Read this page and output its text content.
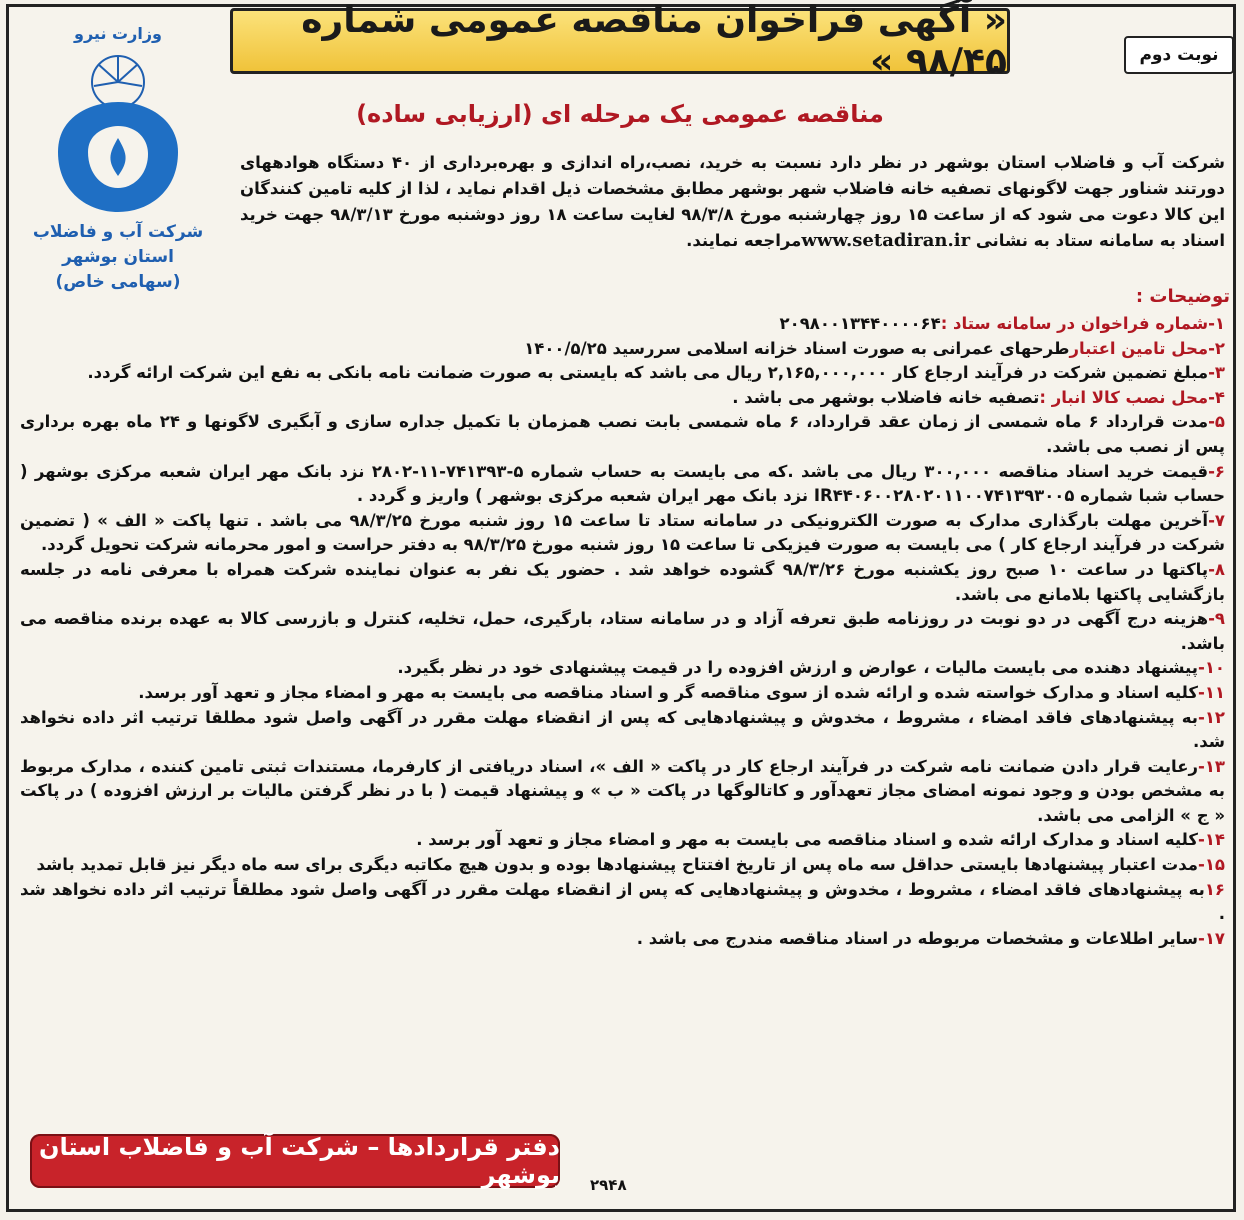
« آگهی فراخوان مناقصه عمومی شماره ۹۸/۴۵ »	نوبت دوم
وزارت نیرو
شرکت آب و فاضلاب
استان بوشهر
(سهامی خاص)
مناقصه عمومی یک مرحله ای (ارزیابی ساده)
شرکت آب و فاضلاب استان بوشهر در نظر دارد نسبت به خرید، نصب،راه اندازی و بهره‌برداری از ۴۰ دستگاه هوادههای دورتند شناور جهت لاگونهای تصفیه خانه فاضلاب شهر بوشهر مطابق مشخصات ذیل اقدام نماید ، لذا از کلیه تامین کنندگان این کالا دعوت می شود که از ساعت ۱۵ روز چهارشنبه مورخ ۹۸/۳/۸ لغایت ساعت ۱۸ روز دوشنبه مورخ ۹۸/۳/۱۳ جهت خرید اسناد به سامانه ستاد به نشانی www.setadiran.irمراجعه نمایند.
توضیحات :

۱-شماره فراخوان در سامانه ستاد :۲۰۹۸۰۰۱۳۴۴۰۰۰۰۶۴

۲-محل تامین اعتبارطرحهای عمرانی به صورت اسناد خزانه اسلامی سررسید ۱۴۰۰/۵/۲۵

۳-مبلغ تضمین شرکت در فرآیند ارجاع کار ۲,۱۶۵,۰۰۰,۰۰۰ ریال می باشد که بایستی به صورت ضمانت نامه بانکی به نفع این شرکت ارائه گردد.

۴-محل نصب کالا انبار :تصفیه خانه فاضلاب بوشهر می باشد .

۵-مدت قرارداد ۶ ماه شمسی از زمان عقد قرارداد، ۶ ماه شمسی بابت نصب همزمان با تکمیل جداره سازی و آبگیری لاگونها و ۲۴ ماه بهره برداری پس از نصب می باشد.

۶-قیمت خرید اسناد مناقصه ۳۰۰,۰۰۰ ریال می باشد .که می بایست به حساب شماره ۵-۷۴۱۳۹۳-۱۱-۲۸۰۲ نزد بانک مهر ایران شعبه مرکزی بوشهر ( حساب شبا شماره IR۴۴۰۶۰۰۲۸۰۲۰۱۱۰۰۷۴۱۳۹۳۰۰۵ نزد بانک مهر ایران شعبه مرکزی بوشهر ) واریز و گردد .

۷-آخرین مهلت بارگذاری مدارک به صورت الکترونیکی در سامانه ستاد تا ساعت ۱۵ روز شنبه مورخ ۹۸/۳/۲۵ می باشد . تنها پاکت « الف » ( تضمین شرکت در فرآیند ارجاع کار ) می بایست به صورت فیزیکی تا ساعت ۱۵ روز شنبه مورخ ۹۸/۳/۲۵ به دفتر حراست و امور محرمانه شرکت تحویل گردد.

۸-پاکتها در ساعت ۱۰ صبح روز یکشنبه مورخ ۹۸/۳/۲۶ گشوده خواهد شد . حضور یک نفر به عنوان نماینده شرکت همراه با معرفی نامه در جلسه بازگشایی پاکتها بلامانع می باشد.

۹-هزینه درج آگهی در دو نوبت در روزنامه طبق تعرفه آزاد و در سامانه ستاد، بارگیری، حمل، تخلیه، کنترل و بازرسی کالا به عهده برنده مناقصه می باشد.

۱۰-پیشنهاد دهنده می بایست مالیات ، عوارض و ارزش افزوده را در قیمت پیشنهادی خود در نظر بگیرد.

۱۱-کلیه اسناد و مدارک خواسته شده و ارائه شده از سوی مناقصه گر و اسناد مناقصه می بایست به مهر و امضاء مجاز و تعهد آور برسد.

۱۲-به پیشنهادهای فاقد امضاء ، مشروط ، مخدوش و پیشنهادهایی که پس از انقضاء مهلت مقرر در آگهی واصل شود مطلقا ترتیب اثر داده نخواهد شد.

۱۳-رعایت قرار دادن ضمانت نامه شرکت در فرآیند ارجاع کار در پاکت « الف »، اسناد دریافتی از کارفرما، مستندات ثبتی تامین کننده ، مدارک مربوط به مشخص بودن و وجود نمونه امضای مجاز تعهدآور و کاتالوگها در پاکت « ب » و پیشنهاد قیمت ( با در نظر گرفتن مالیات بر ارزش افزوده ) در پاکت « ج » الزامی می باشد.

۱۴-کلیه اسناد و مدارک ارائه شده و اسناد مناقصه می بایست به مهر و امضاء مجاز و تعهد آور برسد .

۱۵-مدت اعتبار پیشنهادها بایستی حداقل سه ماه پس از تاریخ افتتاح پیشنهادها بوده و بدون هیچ مکاتبه دیگری برای سه ماه دیگر نیز قابل تمدید باشد

۱۶به پیشنهادهای فاقد امضاء ، مشروط ، مخدوش و پیشنهادهایی که پس از انقضاء مهلت مقرر در آگهی واصل شود مطلقاً ترتیب اثر داده نخواهد شد .

۱۷-سایر اطلاعات و مشخصات مربوطه در اسناد مناقصه مندرج می باشد .

دفتر قراردادها – شرکت آب و فاضلاب استان بوشهر ۲۹۴۸
